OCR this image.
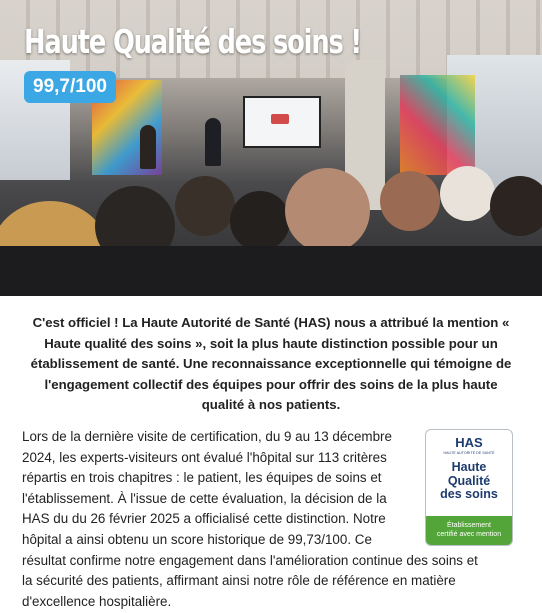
Haute Qualité des soins !
99,7/100

C'est officiel ! La Haute Autorité de Santé (HAS) nous a attribué la mention « Haute qualité des soins », soit la plus haute distinction possible pour un établissement de santé. Une reconnaissance exceptionnelle qui témoigne de l'engagement collectif des équipes pour offrir des soins de la plus haute qualité à nos patients.

Lors de la dernière visite de certification, du 9 au 13 décembre
2024, les experts-visiteurs ont évalué l'hôpital sur 113 critères
répartis en trois chapitres : le patient, les équipes de soins et
l'établissement. À l'issue de cette évaluation, la décision de la
HAS du du 26 février 2025 a officialisé cette distinction. Notre
hôpital a ainsi obtenu un score historique de 99,73/100. Ce
résultat confirme notre engagement dans l'amélioration continue des soins et
la sécurité des patients, affirmant ainsi notre rôle de référence en matière
d'excellence hospitalière.
HAS
HAUTE AUTORITÉ DE SANTÉ
Haute
Qualité
des soins
Établissement
certifié avec mention
